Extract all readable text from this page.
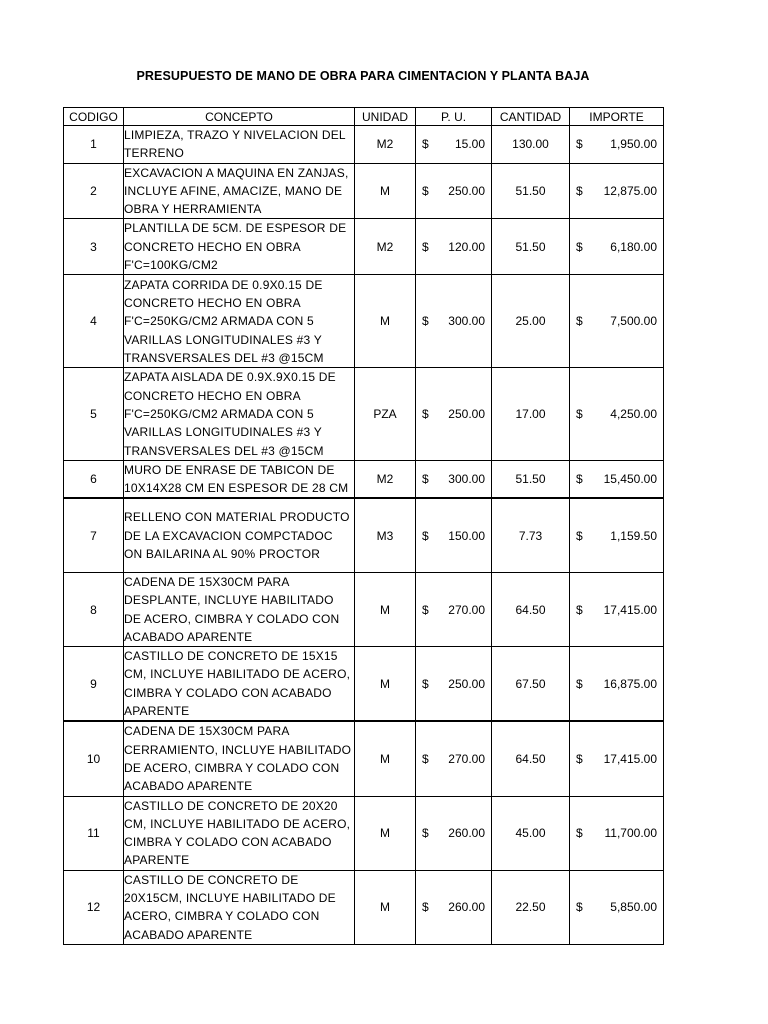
PRESUPUESTO DE MANO DE OBRA PARA CIMENTACION Y PLANTA BAJA
CODIGO	CONCEPTO	UNIDAD	P. U.	CANTIDAD	IMPORTE
1	LIMPIEZA, TRAZO Y NIVELACION DEL TERRENO	M2	$ 15.00	130.00	$ 1,950.00

2	EXCAVACION A MAQUINA EN ZANJAS, INCLUYE AFINE, AMACIZE, MANO DE OBRA Y HERRAMIENTA	M	$ 250.00	51.50	$ 12,875.00

3	PLANTILLA DE 5CM. DE ESPESOR DE CONCRETO HECHO EN OBRA F'C=100KG/CM2	M2	$ 120.00	51.50	$ 6,180.00

4	ZAPATA CORRIDA DE 0.9X0.15 DE CONCRETO HECHO EN OBRA F'C=250KG/CM2 ARMADA CON 5 VARILLAS LONGITUDINALES #3 Y TRANSVERSALES DEL #3 @15CM	M	$ 300.00	25.00	$ 7,500.00

5	ZAPATA AISLADA DE 0.9X.9X0.15 DE CONCRETO HECHO EN OBRA F'C=250KG/CM2 ARMADA CON 5 VARILLAS LONGITUDINALES #3 Y TRANSVERSALES DEL #3 @15CM	PZA	$ 250.00	17.00	$ 4,250.00

6	MURO DE ENRASE DE TABICON DE 10X14X28 CM EN ESPESOR DE 28 CM	M2	$ 300.00	51.50	$ 15,450.00

7	RELLENO CON MATERIAL PRODUCTO DE LA EXCAVACION COMPCTADOC ON BAILARINA AL 90% PROCTOR	M3	$ 150.00	7.73	$ 1,159.50

8	CADENA DE 15X30CM PARA DESPLANTE, INCLUYE HABILITADO DE ACERO, CIMBRA Y COLADO CON ACABADO APARENTE	M	$ 270.00	64.50	$ 17,415.00

9	CASTILLO DE CONCRETO DE 15X15 CM, INCLUYE HABILITADO DE ACERO, CIMBRA Y COLADO CON ACABADO APARENTE	M	$ 250.00	67.50	$ 16,875.00

10	CADENA DE 15X30CM PARA CERRAMIENTO, INCLUYE HABILITADO DE ACERO, CIMBRA Y COLADO CON ACABADO APARENTE	M	$ 270.00	64.50	$ 17,415.00

11	CASTILLO DE CONCRETO DE 20X20 CM, INCLUYE HABILITADO DE ACERO, CIMBRA Y COLADO CON ACABADO APARENTE	M	$ 260.00	45.00	$ 11,700.00

12	CASTILLO DE CONCRETO DE 20X15CM, INCLUYE HABILITADO DE ACERO, CIMBRA Y COLADO CON ACABADO APARENTE	M	$ 260.00	22.50	$ 5,850.00
